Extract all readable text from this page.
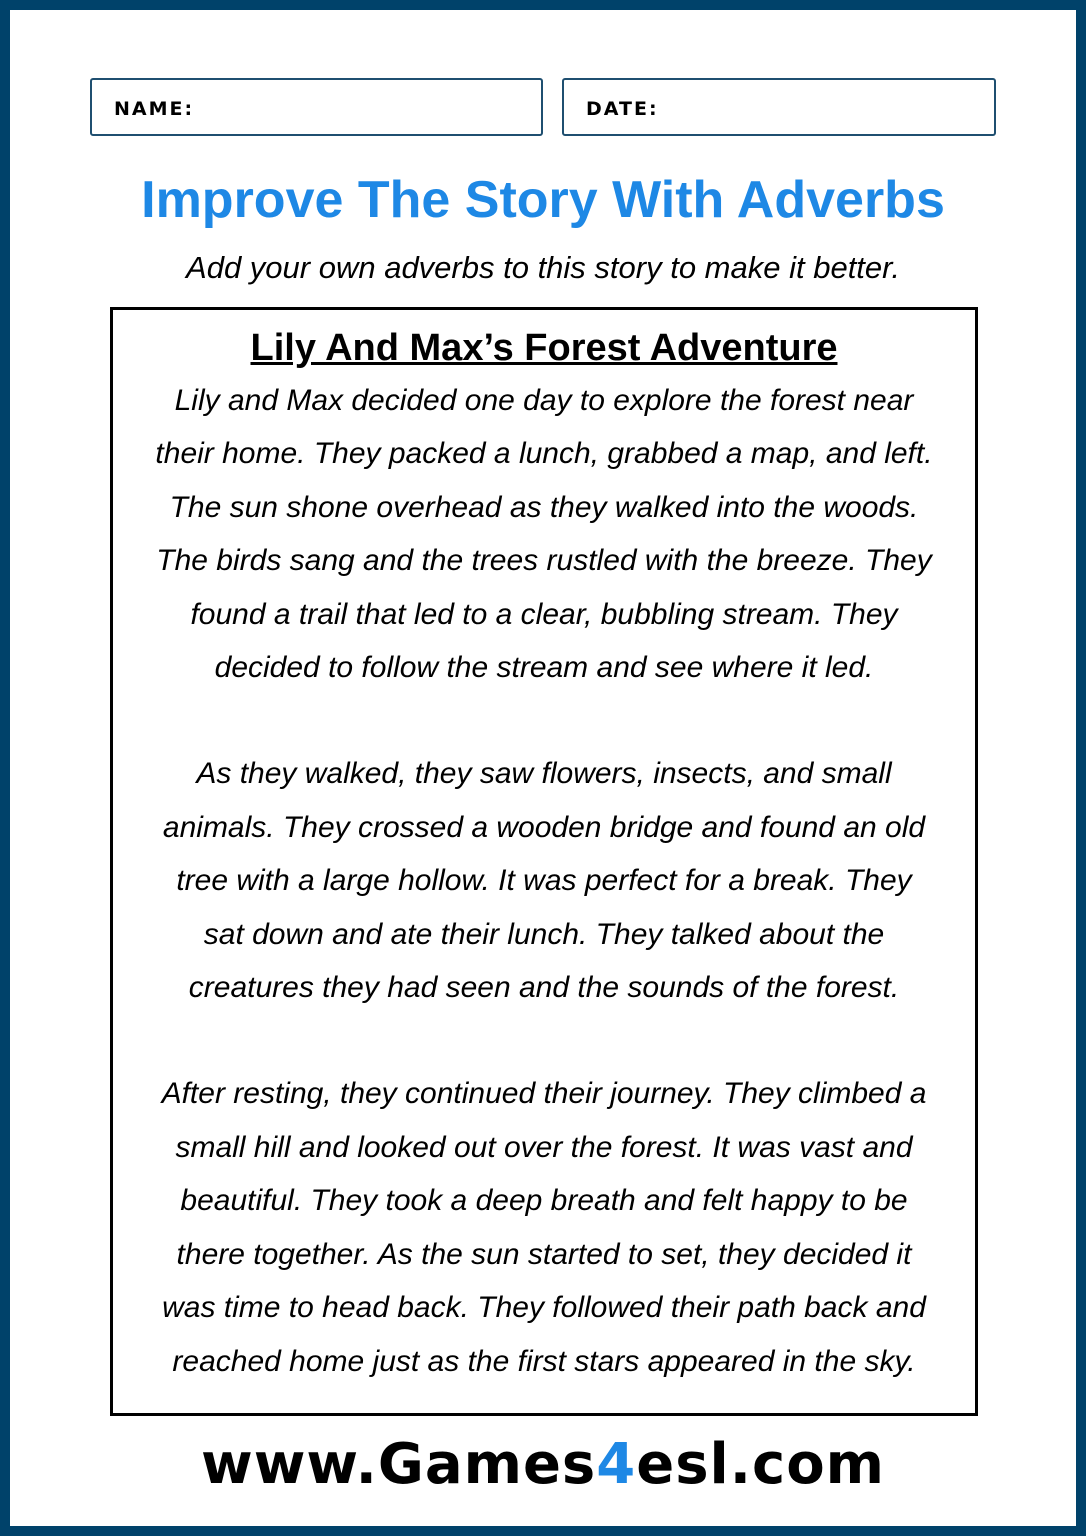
NAME:	DATE:
Improve The Story With Adverbs
Add your own adverbs to this story to make it better.
Lily And Max’s Forest Adventure
Lily and Max decided one day to explore the forest near
their home. They packed a lunch, grabbed a map, and left.
The sun shone overhead as they walked into the woods.
The birds sang and the trees rustled with the breeze. They
found a trail that led to a clear, bubbling stream. They
decided to follow the stream and see where it led.
As they walked, they saw flowers, insects, and small
animals. They crossed a wooden bridge and found an old
tree with a large hollow. It was perfect for a break. They
sat down and ate their lunch. They talked about the
creatures they had seen and the sounds of the forest.
After resting, they continued their journey. They climbed a
small hill and looked out over the forest. It was vast and
beautiful. They took a deep breath and felt happy to be
there together. As the sun started to set, they decided it
was time to head back. They followed their path back and
reached home just as the first stars appeared in the sky.
www.Games4esl.com
